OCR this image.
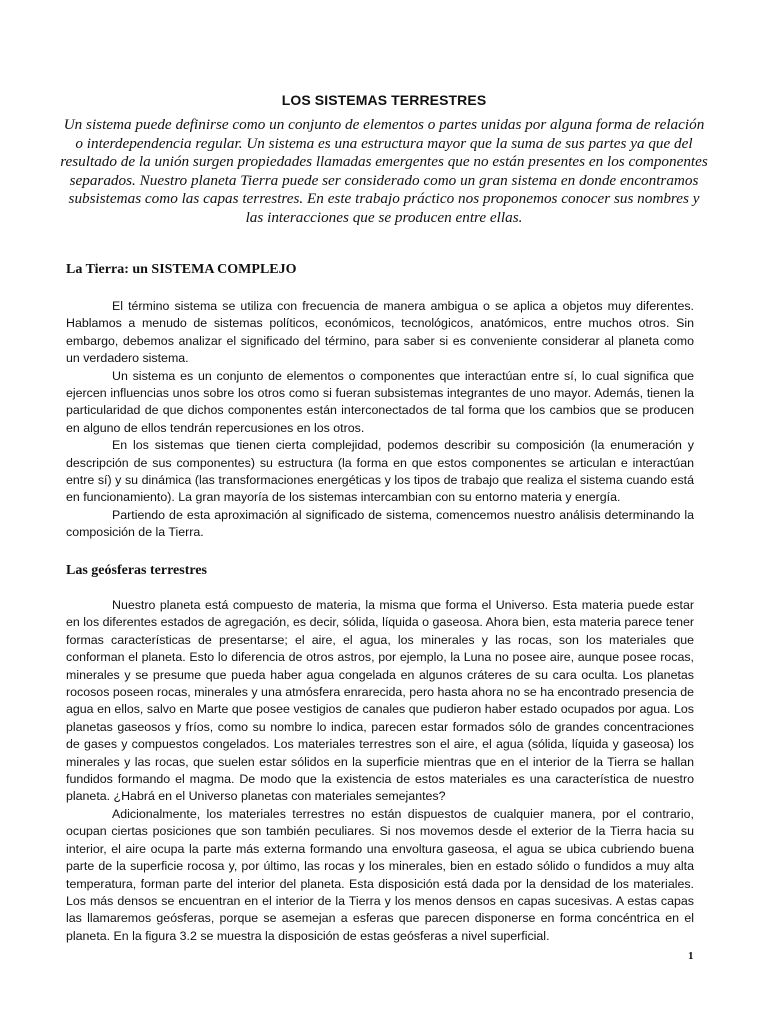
LOS SISTEMAS TERRESTRES
Un sistema puede definirse como un conjunto de elementos o partes unidas por alguna forma de relación o interdependencia regular. Un sistema es una estructura mayor que la suma de sus partes ya que del resultado de la unión surgen propiedades llamadas emergentes que no están presentes en los componentes separados. Nuestro planeta Tierra puede ser considerado como un gran sistema en donde encontramos subsistemas como las capas terrestres. En este trabajo práctico nos proponemos conocer sus nombres y las interacciones que se producen entre ellas.
La Tierra: un SISTEMA COMPLEJO

El término sistema se utiliza con frecuencia de manera ambigua o se aplica a objetos muy diferentes. Hablamos a menudo de sistemas políticos, económicos, tecnológicos, anatómicos, entre muchos otros. Sin embargo, debemos analizar el significado del término, para saber si es conveniente considerar al planeta como un verdadero sistema.

Un sistema es un conjunto de elementos o componentes que interactúan entre sí, lo cual significa que ejercen influencias unos sobre los otros como si fueran subsistemas integrantes de uno mayor. Además, tienen la particularidad de que dichos componentes están interconectados de tal forma que los cambios que se producen en alguno de ellos tendrán repercusiones en los otros.

En los sistemas que tienen cierta complejidad, podemos describir su composición (la enumeración y descripción de sus componentes) su estructura (la forma en que estos componentes se articulan e interactúan entre sí) y su dinámica (las transformaciones energéticas y los tipos de trabajo que realiza el sistema cuando está en funcionamiento). La gran mayoría de los sistemas intercambian con su entorno materia y energía.

Partiendo de esta aproximación al significado de sistema, comencemos nuestro análisis determinando la composición de la Tierra.

Las geósferas terrestres

Nuestro planeta está compuesto de materia, la misma que forma el Universo. Esta materia puede estar en los diferentes estados de agregación, es decir, sólida, líquida o gaseosa. Ahora bien, esta materia parece tener formas características de presentarse; el aire, el agua, los minerales y las rocas, son los materiales que conforman el planeta. Esto lo diferencia de otros astros, por ejemplo, la Luna no posee aire, aunque posee rocas, minerales y se presume que pueda haber agua congelada en algunos cráteres de su cara oculta. Los planetas rocosos poseen rocas, minerales y una atmósfera enrarecida, pero hasta ahora no se ha encontrado presencia de agua en ellos, salvo en Marte que posee vestigios de canales que pudieron haber estado ocupados por agua. Los planetas gaseosos y fríos, como su nombre lo indica, parecen estar formados sólo de grandes concentraciones de gases y compuestos congelados. Los materiales terrestres son el aire, el agua (sólida, líquida y gaseosa) los minerales y las rocas, que suelen estar sólidos en la superficie mientras que en el interior de la Tierra se hallan fundidos formando el magma. De modo que la existencia de estos materiales es una característica de nuestro planeta. ¿Habrá en el Universo planetas con materiales semejantes?

Adicionalmente, los materiales terrestres no están dispuestos de cualquier manera, por el contrario, ocupan ciertas posiciones que son también peculiares. Si nos movemos desde el exterior de la Tierra hacia su interior, el aire ocupa la parte más externa formando una envoltura gaseosa, el agua se ubica cubriendo buena parte de la superficie rocosa y, por último, las rocas y los minerales, bien en estado sólido o fundidos a muy alta temperatura, forman parte del interior del planeta. Esta disposición está dada por la densidad de los materiales. Los más densos se encuentran en el interior de la Tierra y los menos densos en capas sucesivas. A estas capas las llamaremos geósferas, porque se asemejan a esferas que parecen disponerse en forma concéntrica en el planeta. En la figura 3.2 se muestra la disposición de estas geósferas a nivel superficial.

1
